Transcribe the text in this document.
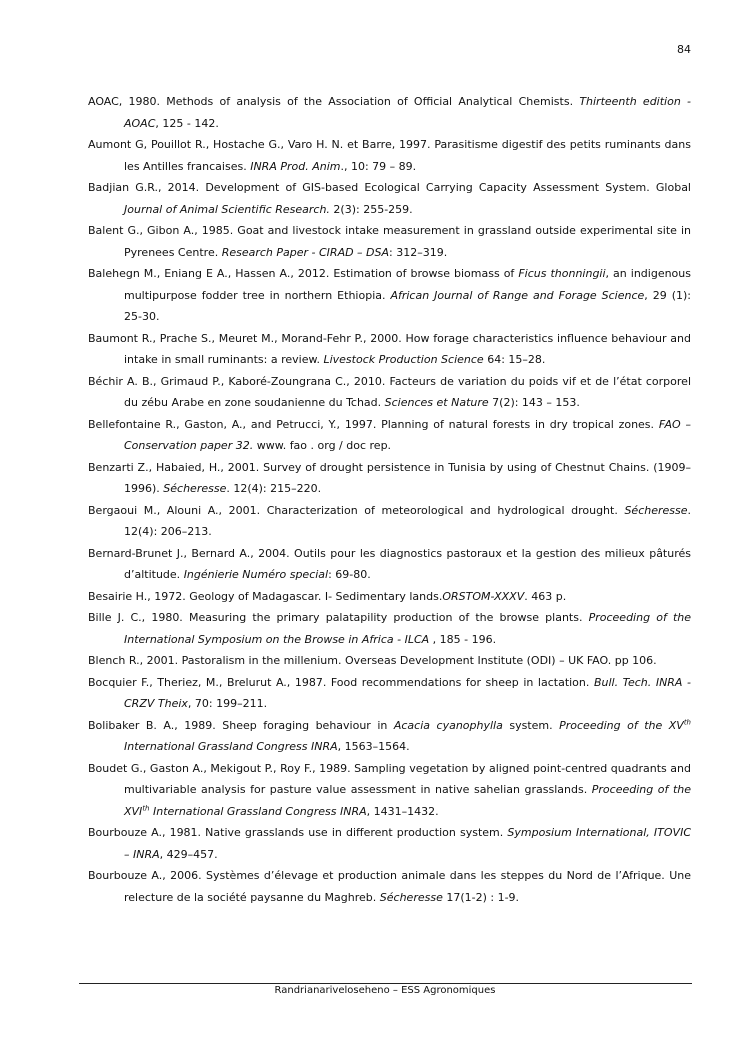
84

AOAC, 1980. Methods of analysis of the Association of Official Analytical Chemists. Thirteenth edition - AOAC, 125 - 142.

Aumont G, Pouillot R., Hostache G., Varo H. N. et Barre, 1997. Parasitisme digestif des petits ruminants dans les Antilles francaises. INRA Prod. Anim., 10: 79 – 89.

Badjian G.R., 2014. Development of GIS-based Ecological Carrying Capacity Assessment System. Global Journal of Animal Scientific Research. 2(3): 255-259.

Balent G., Gibon A., 1985. Goat and livestock intake measurement in grassland outside experimental site in Pyrenees Centre. Research Paper - CIRAD – DSA: 312–319.

Balehegn M., Eniang E A., Hassen A., 2012. Estimation of browse biomass of Ficus thonningii, an indigenous multipurpose fodder tree in northern Ethiopia. African Journal of Range and Forage Science, 29 (1): 25-30.

Baumont R., Prache S., Meuret M., Morand-Fehr P., 2000. How forage characteristics influence behaviour and intake in small ruminants: a review. Livestock Production Science 64: 15–28.

Béchir A. B., Grimaud P., Kaboré-Zoungrana C., 2010. Facteurs de variation du poids vif et de l’état corporel du zébu Arabe en zone soudanienne du Tchad. Sciences et Nature 7(2): 143 – 153.

Bellefontaine R., Gaston, A., and Petrucci, Y., 1997. Planning of natural forests in dry tropical zones. FAO – Conservation paper 32. www. fao . org / doc rep.

Benzarti Z., Habaied, H., 2001. Survey of drought persistence in Tunisia by using of Chestnut Chains. (1909–1996). Sécheresse. 12(4): 215–220.

Bergaoui M., Alouni A., 2001. Characterization of meteorological and hydrological drought. Sécheresse. 12(4): 206–213.

Bernard-Brunet J., Bernard A., 2004. Outils pour les diagnostics pastoraux et la gestion des milieux pâturés d’altitude. Ingénierie Numéro special: 69-80.

Besairie H., 1972. Geology of Madagascar. I- Sedimentary lands.ORSTOM-XXXV. 463 p.

Bille J. C., 1980. Measuring the primary palatapility production of the browse plants. Proceeding of the International Symposium on the Browse in Africa - ILCA , 185 - 196.

Blench R., 2001. Pastoralism in the millenium. Overseas Development Institute (ODI) – UK FAO. pp 106.

Bocquier F., Theriez, M., Brelurut A., 1987. Food recommendations for sheep in lactation. Bull. Tech. INRA - CRZV Theix, 70: 199–211.

Bolibaker B. A., 1989. Sheep foraging behaviour in Acacia cyanophylla system. Proceeding of the XVth International Grassland Congress INRA, 1563–1564.

Boudet G., Gaston A., Mekigout P., Roy F., 1989. Sampling vegetation by aligned point-centred quadrants and multivariable analysis for pasture value assessment in native sahelian grasslands. Proceeding of the XVIth International Grassland Congress INRA, 1431–1432.

Bourbouze A., 1981. Native grasslands use in different production system. Symposium International, ITOVIC – INRA, 429–457.

Bourbouze A., 2006. Systèmes d’élevage et production animale dans les steppes du Nord de l’Afrique. Une relecture de la société paysanne du Maghreb. Sécheresse 17(1-2) : 1-9.

Randrianarivelosehenо – ESS Agronomiques
